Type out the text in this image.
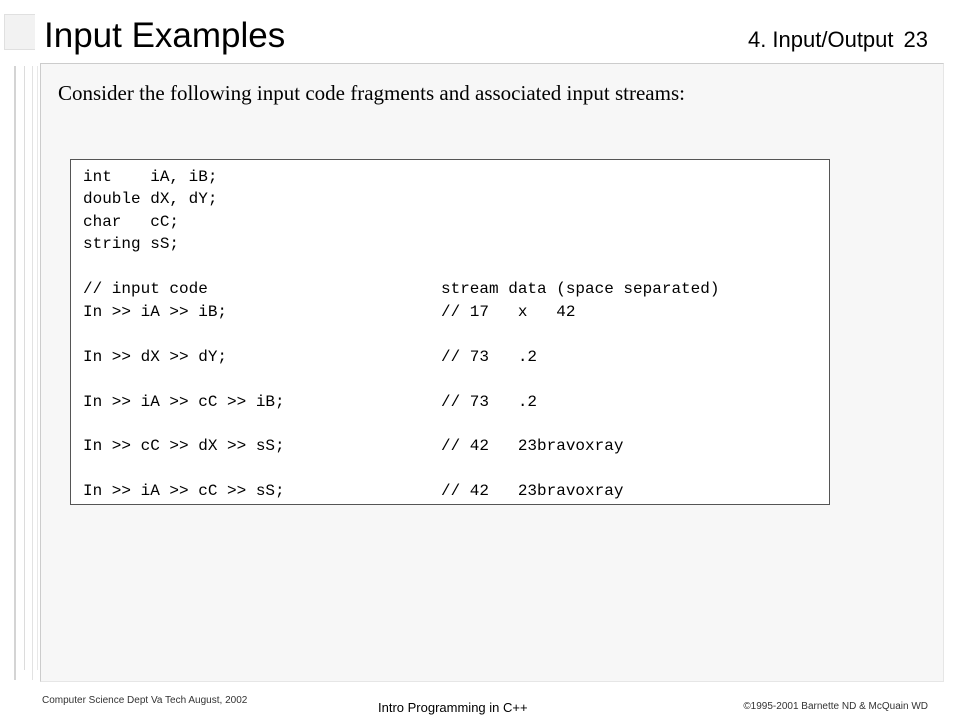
Input Examples	4. Input/Output 23
Consider the following input code fragments and associated input streams:
int    iA, iB;
double dX, dY;
char   cC;
string sS;
// input code	stream data (space separated)
In >> iA >> iB;	// 17   x   42
In >> dX >> dY;	// 73   .2
In >> iA >> cC >> iB;	// 73   .2
In >> cC >> dX >> sS;	// 42   23bravoxray
In >> iA >> cC >> sS;	// 42   23bravoxray
Computer Science Dept Va Tech August, 2002	Intro Programming in C++	©1995-2001 Barnette ND & McQuain WD
